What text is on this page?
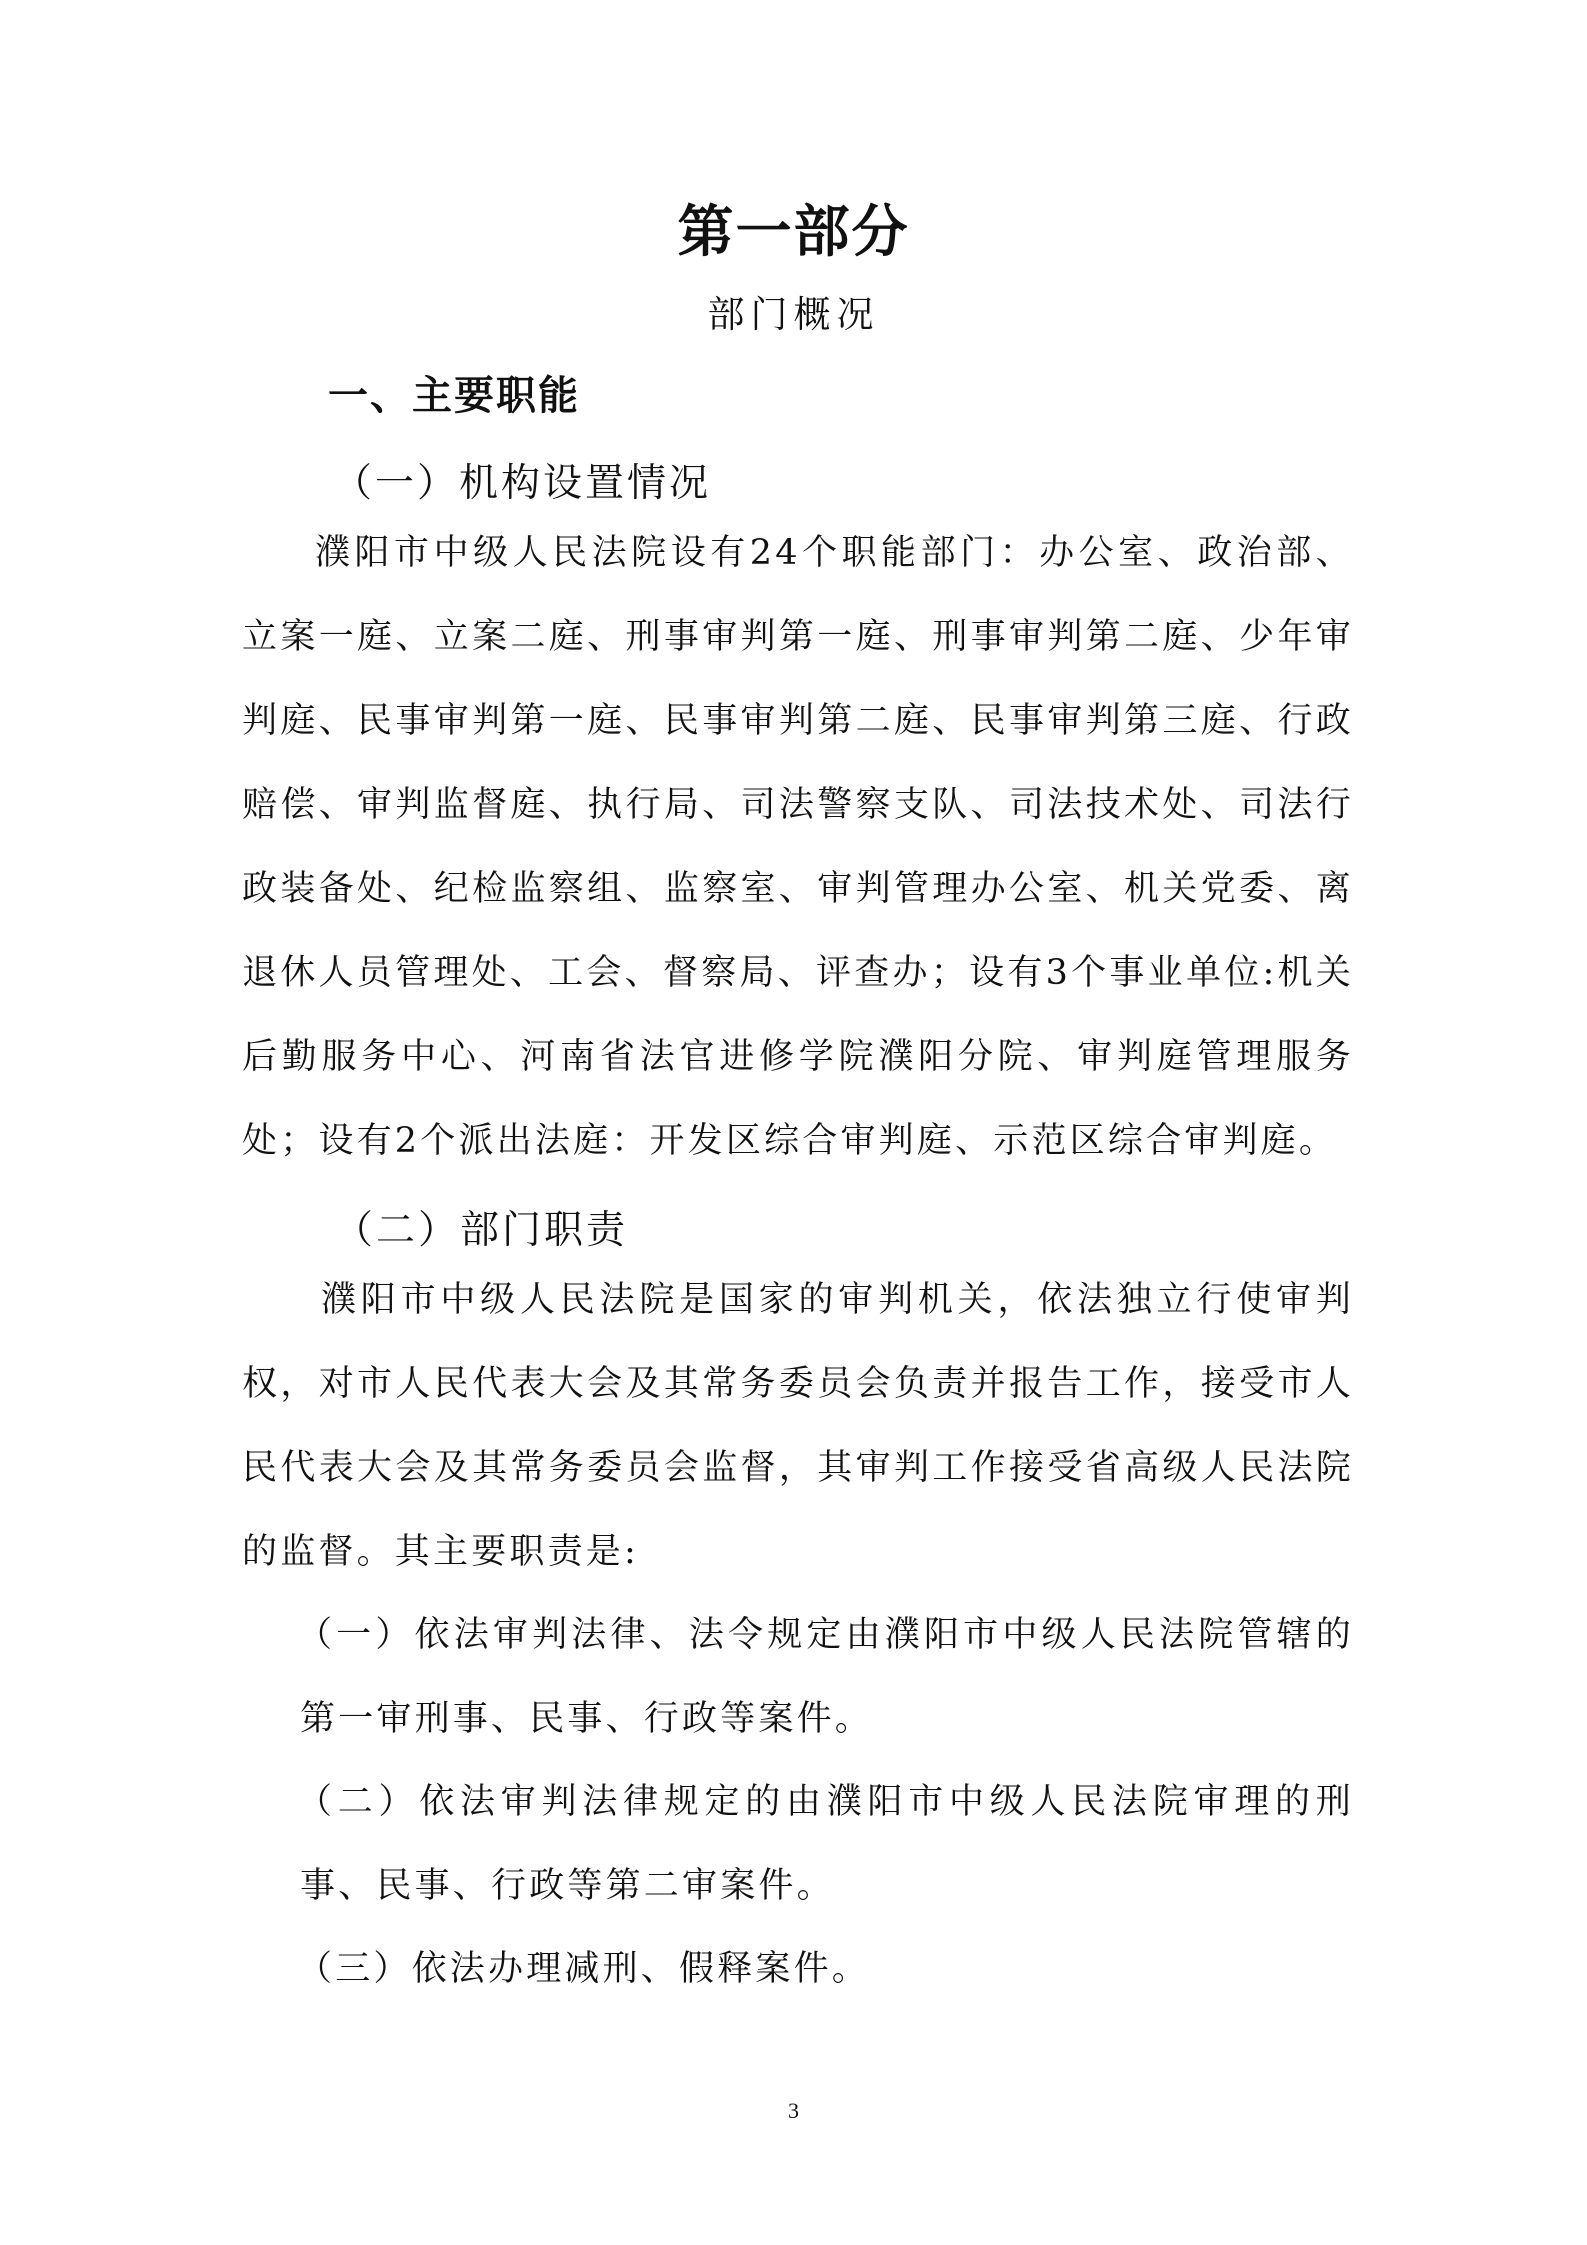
第一部分
部门概况
一、主要职能
（一）机构设置情况
濮阳市中级人民法院设有24个职能部门：办公室、政治部、立案一庭、立案二庭、刑事审判第一庭、刑事审判第二庭、少年审判庭、民事审判第一庭、民事审判第二庭、民事审判第三庭、行政赔偿、审判监督庭、执行局、司法警察支队、司法技术处、司法行政装备处、纪检监察组、监察室、审判管理办公室、机关党委、离退休人员管理处、工会、督察局、评查办；设有3个事业单位:机关后勤服务中心、河南省法官进修学院濮阳分院、审判庭管理服务处；设有2个派出法庭：开发区综合审判庭、示范区综合审判庭。
（二）部门职责
濮阳市中级人民法院是国家的审判机关，依法独立行使审判权，对市人民代表大会及其常务委员会负责并报告工作，接受市人民代表大会及其常务委员会监督，其审判工作接受省高级人民法院的监督。其主要职责是:
（一）依法审判法律、法令规定由濮阳市中级人民法院管辖的第一审刑事、民事、行政等案件。
（二）依法审判法律规定的由濮阳市中级人民法院审理的刑事、民事、行政等第二审案件。
（三）依法办理减刑、假释案件。
3
